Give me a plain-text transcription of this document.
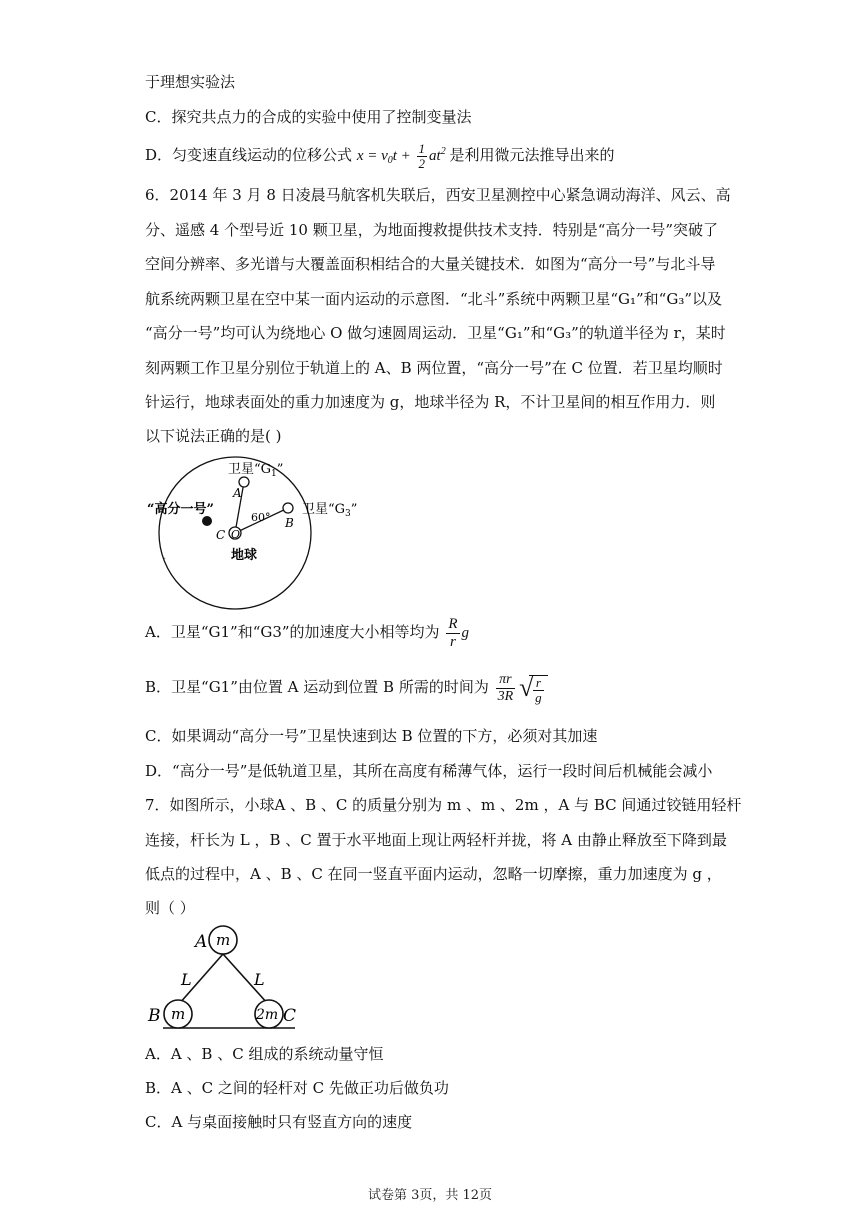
于理想实验法
C．探究共点力的合成的实验中使用了控制变量法
D．匀变速直线运动的位移公式 $x = v_0t + \frac{1}{2} at^2$ 是利用微元法推导出来的
6．2014 年 3 月 8 日凌晨马航客机失联后，西安卫星测控中心紧急调动海洋、风云、高
分、遥感 4 个型号近 10 颗卫星，为地面搜救提供技术支持．特别是“高分一号”突破了
空间分辨率、多光谱与大覆盖面积相结合的大量关键技术．如图为“高分一号”与北斗导
航系统两颗卫星在空中某一面内运动的示意图．“北斗”系统中两颗卫星“G₁”和“G₃”以及
“高分一号”均可认为绕地心 O 做匀速圆周运动．卫星“G₁”和“G₃”的轨道半径为 r，某时
刻两颗工作卫星分别位于轨道上的 A、B 两位置，“高分一号”在 C 位置．若卫星均顺时
针运行，地球表面处的重力加速度为 g，地球半径为 R，不计卫星间的相互作用力．则
以下说法正确的是( )
卫星“$G_1$”
卫星“$G_3$”
“高分一号”
A
B
C O
60°
地球
.
A．卫星“G1”和“G3”的加速度大小相等均为 $\frac{R}{r}$ g
B．卫星“G1”由位置 A 运动到位置 B 所需的时间为 $\frac{\pi r}{3R}$ √ $\frac{r}{g}$
C．如果调动“高分一号”卫星快速到达 B 位置的下方，必须对其加速
D．“高分一号”是低轨道卫星，其所在高度有稀薄气体，运行一段时间后机械能会减小
7．如图所示，小球A 、B 、C 的质量分别为 m 、m 、2m ，A 与 BC 间通过铰链用轻杆
连接，杆长为 L ，B 、C 置于水平地面上现让两轻杆并拢，将 A 由静止释放至下降到最
低点的过程中，A 、B 、C 在同一竖直平面内运动，忽略一切摩擦，重力加速度为 g ，
则（ ）
A m
B m	C
2m
L	L
A．A 、B 、C 组成的系统动量守恒
B．A 、C 之间的轻杆对 C 先做正功后做负功
C．A 与桌面接触时只有竖直方向的速度
试卷第 3页，共 12页
